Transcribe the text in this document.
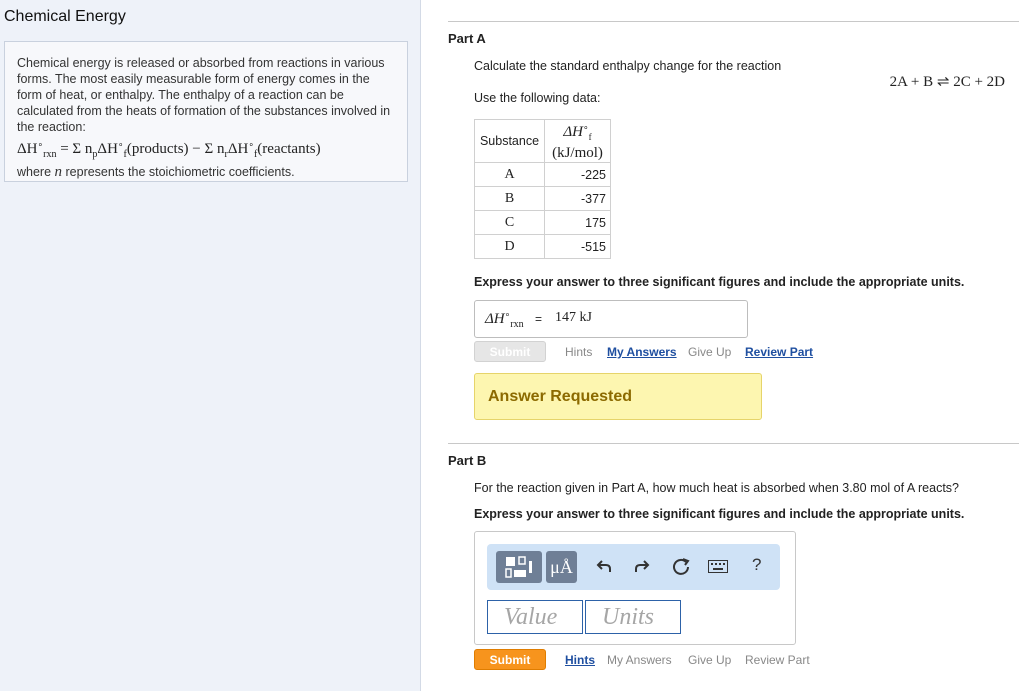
Chemical Energy
Chemical energy is released or absorbed from reactions in various forms. The most easily measurable form of energy comes in the form of heat, or enthalpy. The enthalpy of a reaction can be calculated from the heats of formation of the substances involved in the reaction:
$\Delta H^\circ_{rxn} = \Sigma$ $n_p\Delta H^\circ_f(products) - \Sigma$ $n_r\Delta H^\circ_f(reactants)$
where n represents the stoichiometric coefficients.
Part A
Calculate the standard enthalpy change for the reaction
2A + B ⇌ 2C + 2D
Use the following data:
Substance	$\Delta H^\circ_f$
(kJ/mol)

A	-225
B	-377
C	175
D	-515
Express your answer to three significant figures and include the appropriate units.
$\Delta H^\circ_{rxn} = 147$ kJ
Submit	Hints My Answers Give Up Review Part
Answer Requested
Part B
For the reaction given in Part A, how much heat is absorbed when 3.80 mol of A reacts?
Express your answer to three significant figures and include the appropriate units.
μÅ	?
Value	Units
Submit	Hints My Answers Give Up Review Part
